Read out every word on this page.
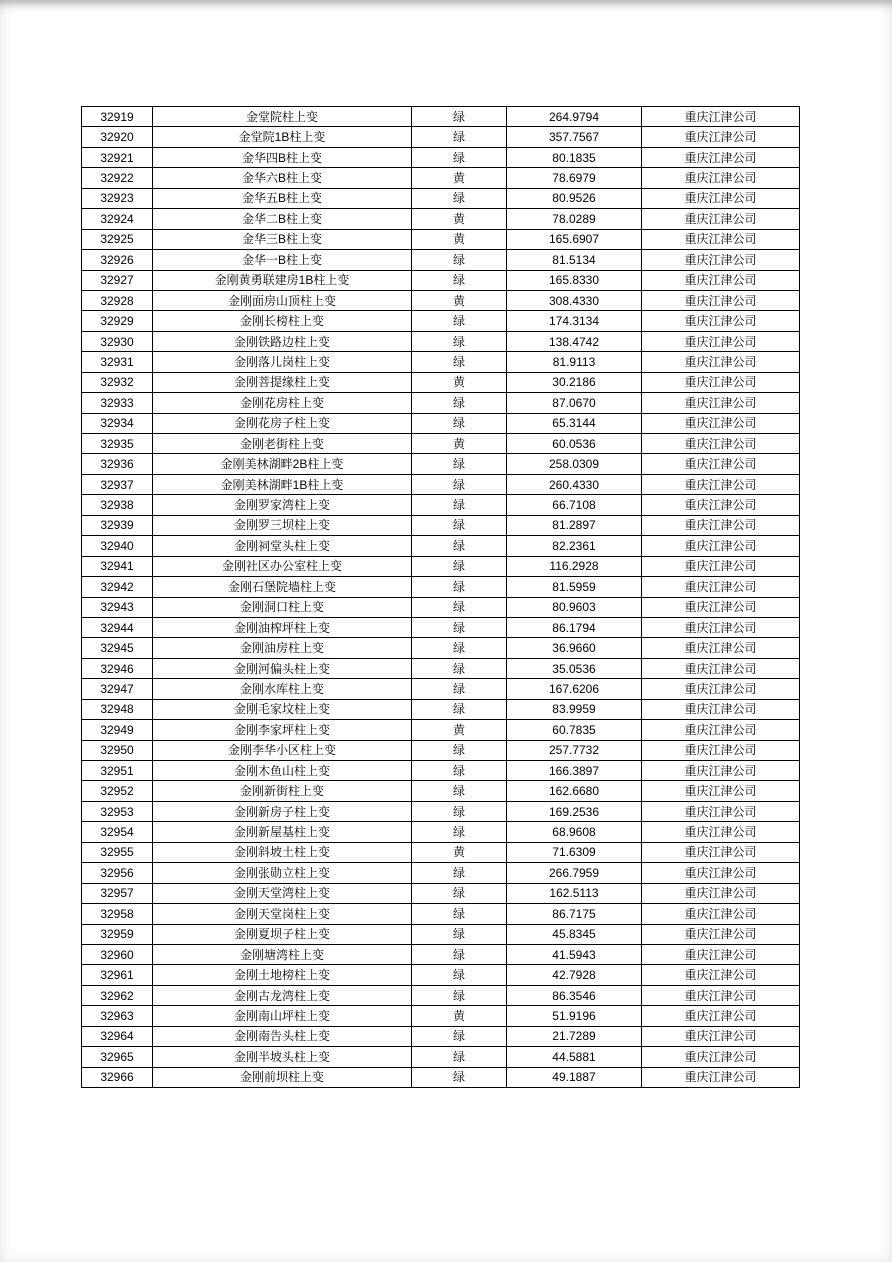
32919	金堂院柱上变	绿	264.9794	重庆江津公司
32920	金堂院1B柱上变	绿	357.7567	重庆江津公司
32921	金华四B柱上变	绿	80.1835	重庆江津公司
32922	金华六B柱上变	黄	78.6979	重庆江津公司
32923	金华五B柱上变	绿	80.9526	重庆江津公司
32924	金华二B柱上变	黄	78.0289	重庆江津公司
32925	金华三B柱上变	黄	165.6907	重庆江津公司
32926	金华一B柱上变	绿	81.5134	重庆江津公司
32927	金刚黄勇联建房1B柱上变	绿	165.8330	重庆江津公司
32928	金刚面房山顶柱上变	黄	308.4330	重庆江津公司
32929	金刚长榜柱上变	绿	174.3134	重庆江津公司
32930	金刚铁路边柱上变	绿	138.4742	重庆江津公司
32931	金刚落儿岗柱上变	绿	81.9113	重庆江津公司
32932	金刚菩提缘柱上变	黄	30.2186	重庆江津公司
32933	金刚花房柱上变	绿	87.0670	重庆江津公司
32934	金刚花房子柱上变	绿	65.3144	重庆江津公司
32935	金刚老街柱上变	黄	60.0536	重庆江津公司
32936	金刚美林湖畔2B柱上变	绿	258.0309	重庆江津公司
32937	金刚美林湖畔1B柱上变	绿	260.4330	重庆江津公司
32938	金刚罗家湾柱上变	绿	66.7108	重庆江津公司
32939	金刚罗三坝柱上变	绿	81.2897	重庆江津公司
32940	金刚祠堂头柱上变	绿	82.2361	重庆江津公司
32941	金刚社区办公室柱上变	绿	116.2928	重庆江津公司
32942	金刚石堡院墙柱上变	绿	81.5959	重庆江津公司
32943	金刚洞口柱上变	绿	80.9603	重庆江津公司
32944	金刚油榨坪柱上变	绿	86.1794	重庆江津公司
32945	金刚油房柱上变	绿	36.9660	重庆江津公司
32946	金刚河偏头柱上变	绿	35.0536	重庆江津公司
32947	金刚水库柱上变	绿	167.6206	重庆江津公司
32948	金刚毛家坟柱上变	绿	83.9959	重庆江津公司
32949	金刚李家坪柱上变	黄	60.7835	重庆江津公司
32950	金刚李华小区柱上变	绿	257.7732	重庆江津公司
32951	金刚木鱼山柱上变	绿	166.3897	重庆江津公司
32952	金刚新街柱上变	绿	162.6680	重庆江津公司
32953	金刚新房子柱上变	绿	169.2536	重庆江津公司
32954	金刚新屋基柱上变	绿	68.9608	重庆江津公司
32955	金刚斜坡土柱上变	黄	71.6309	重庆江津公司
32956	金刚张勋立柱上变	绿	266.7959	重庆江津公司
32957	金刚天堂湾柱上变	绿	162.5113	重庆江津公司
32958	金刚天堂岗柱上变	绿	86.7175	重庆江津公司
32959	金刚夏坝子柱上变	绿	45.8345	重庆江津公司
32960	金刚塘湾柱上变	绿	41.5943	重庆江津公司
32961	金刚土地榜柱上变	绿	42.7928	重庆江津公司
32962	金刚古龙湾柱上变	绿	86.3546	重庆江津公司
32963	金刚南山坪柱上变	黄	51.9196	重庆江津公司
32964	金刚南告头柱上变	绿	21.7289	重庆江津公司
32965	金刚半坡头柱上变	绿	44.5881	重庆江津公司
32966	金刚前坝柱上变	绿	49.1887	重庆江津公司
